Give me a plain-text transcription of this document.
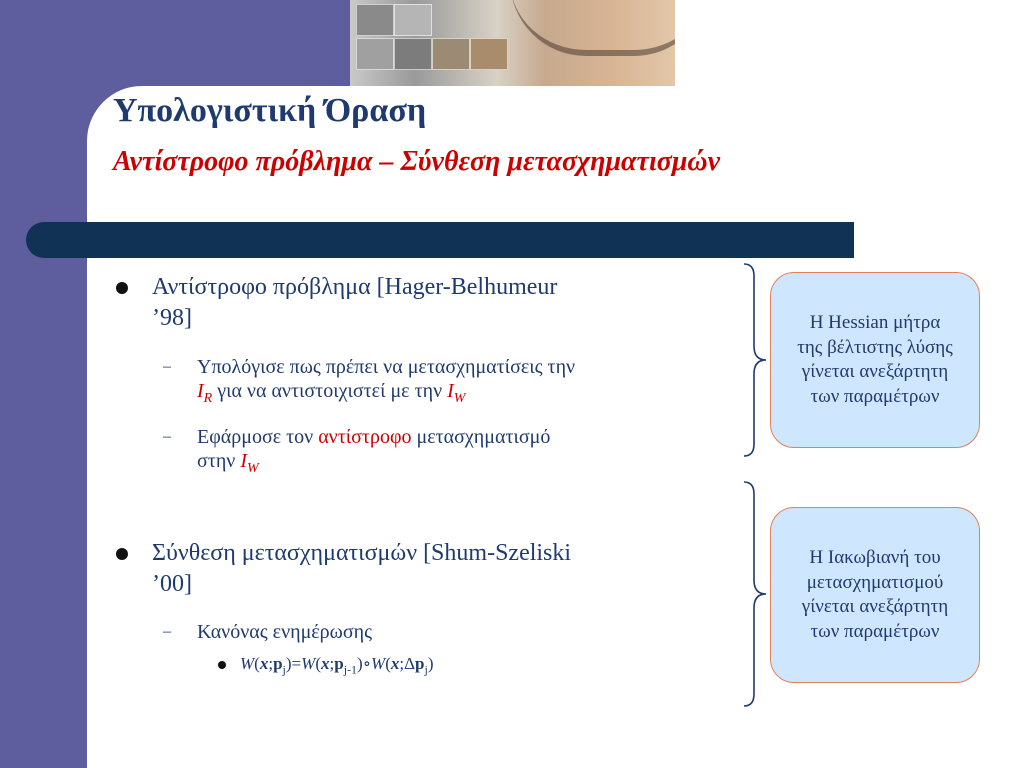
Υπολογιστική Όραση
Αντίστροφο πρόβλημα – Σύνθεση μετασχηματισμών
Αντίστροφο πρόβλημα [Hager-Belhumeur
’98]
– Υπολόγισε πως πρέπει να μετασχηματίσεις την
$I_R$ για να αντιστοιχιστεί με την $I_W$
– Εφάρμοσε τον αντίστροφο μετασχηματισμό
στην $I_W$
Σύνθεση μετασχηματισμών [Shum-Szeliski
’00]
– Κανόνας ενημέρωσης
$W(x;p_j)=W(x;p_{j-1})\circ W(x;\Delta p_j)$
Η Hessian μήτρα
της βέλτιστης λύσης
γίνεται ανεξάρτητη
των παραμέτρων
Η Ιακωβιανή του
μετασχηματισμού
γίνεται ανεξάρτητη
των παραμέτρων
